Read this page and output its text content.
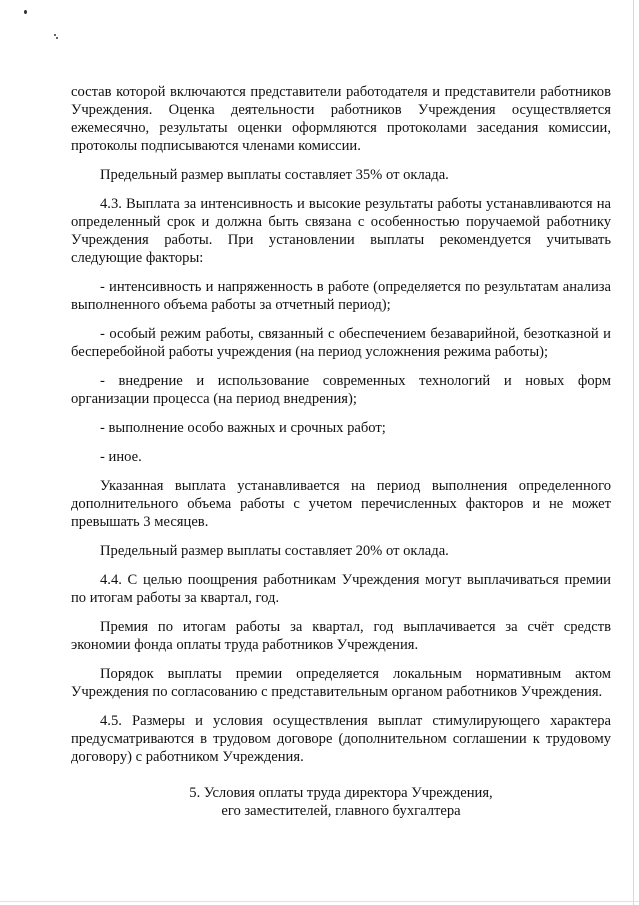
состав которой включаются представители работодателя и представители работников Учреждения. Оценка деятельности работников Учреждения осуществляется ежемесячно, результаты оценки оформляются протоколами заседания комиссии, протоколы подписываются членами комиссии.

Предельный размер выплаты составляет 35% от оклада.

4.3. Выплата за интенсивность и высокие результаты работы устанавливаются на определенный срок и должна быть связана с особенностью поручаемой работнику Учреждения работы. При установлении выплаты рекомендуется учитывать следующие факторы:

- интенсивность и напряженность в работе (определяется по результатам анализа выполненного объема работы за отчетный период);

- особый режим работы, связанный с обеспечением безаварийной, безотказной и бесперебойной работы учреждения (на период усложнения режима работы);

- внедрение и использование современных технологий и новых форм организации процесса (на период внедрения);

- выполнение особо важных и срочных работ;

- иное.

Указанная выплата устанавливается на период выполнения определенного дополнительного объема работы с учетом перечисленных факторов и не может превышать 3 месяцев.

Предельный размер выплаты составляет 20% от оклада.

4.4. С целью поощрения работникам Учреждения могут выплачиваться премии по итогам работы за квартал, год.

Премия по итогам работы за квартал, год выплачивается за счёт средств экономии фонда оплаты труда работников Учреждения.

Порядок выплаты премии определяется локальным нормативным актом Учреждения по согласованию с представительным органом работников Учреждения.

4.5. Размеры и условия осуществления выплат стимулирующего характера предусматриваются в трудовом договоре (дополнительном соглашении к трудовому договору) с работником Учреждения.

5. Условия оплаты труда директора Учреждения,
его заместителей, главного бухгалтера
